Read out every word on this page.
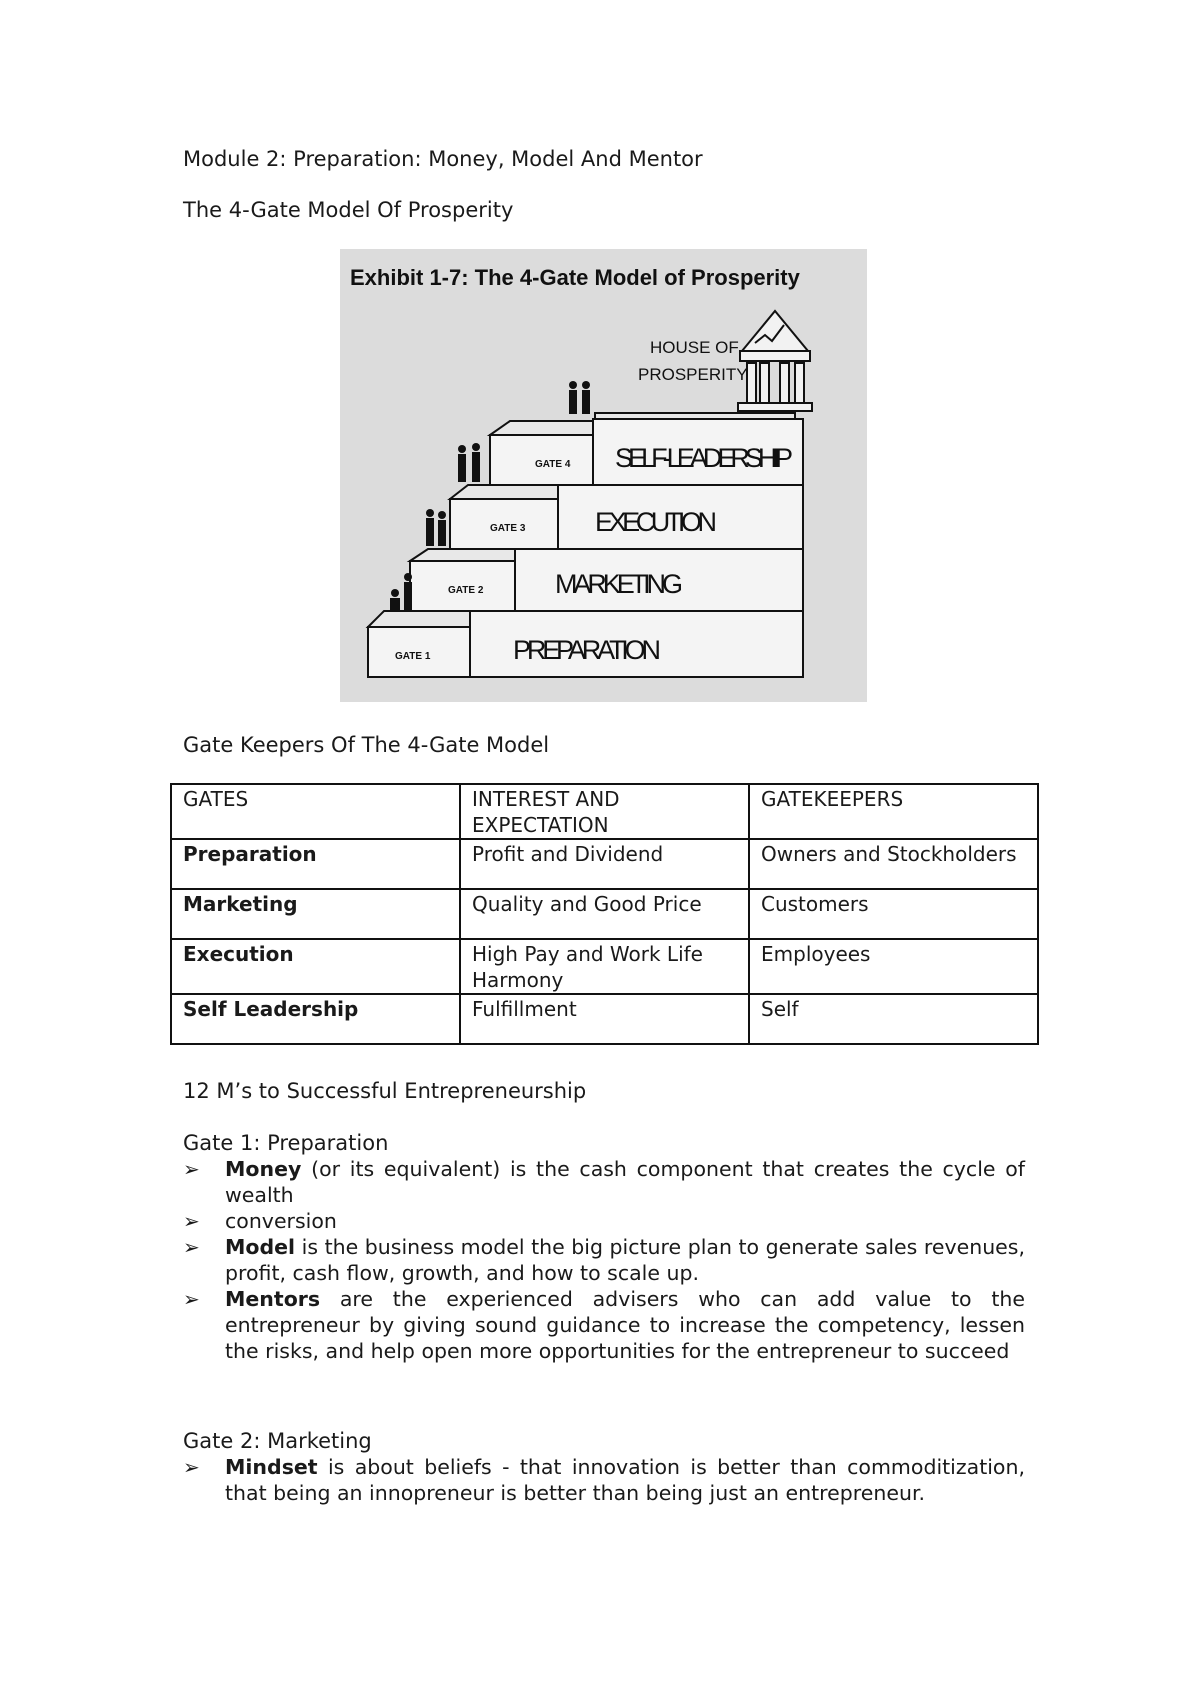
Module 2: Preparation: Money, Model And Mentor
The 4-Gate Model Of Prosperity
Exhibit 1-7: The 4-Gate Model of Prosperity
HOUSE OF
PROSPERITY
GATE 4 SELF-LEADERSHIP
GATE 3	EXECUTION
GATE 2	MARKETING
GATE 1	PREPARATION
Gate Keepers Of The 4-Gate Model
GATES	INTEREST AND EXPECTATION	GATEKEEPERS
Preparation	Profit and Dividend	Owners and Stockholders
Marketing	Quality and Good Price	Customers
Execution	High Pay and Work Life Harmony	Employees
Self Leadership	Fulfillment	Self
12 M’s to Successful Entrepreneurship
Gate 1: Preparation
➢ Money (or its equivalent) is the cash component that creates the cycle of wealth
➢ conversion
➢ Model is the business model the big picture plan to generate sales revenues, profit, cash flow, growth, and how to scale up.
➢ Mentors are the experienced advisers who can add value to the entrepreneur by giving sound guidance to increase the competency, lessen the risks, and help open more opportunities for the entrepreneur to succeed
Gate 2: Marketing
➢ Mindset is about beliefs - that innovation is better than commoditization, that being an innopreneur is better than being just an entrepreneur.
